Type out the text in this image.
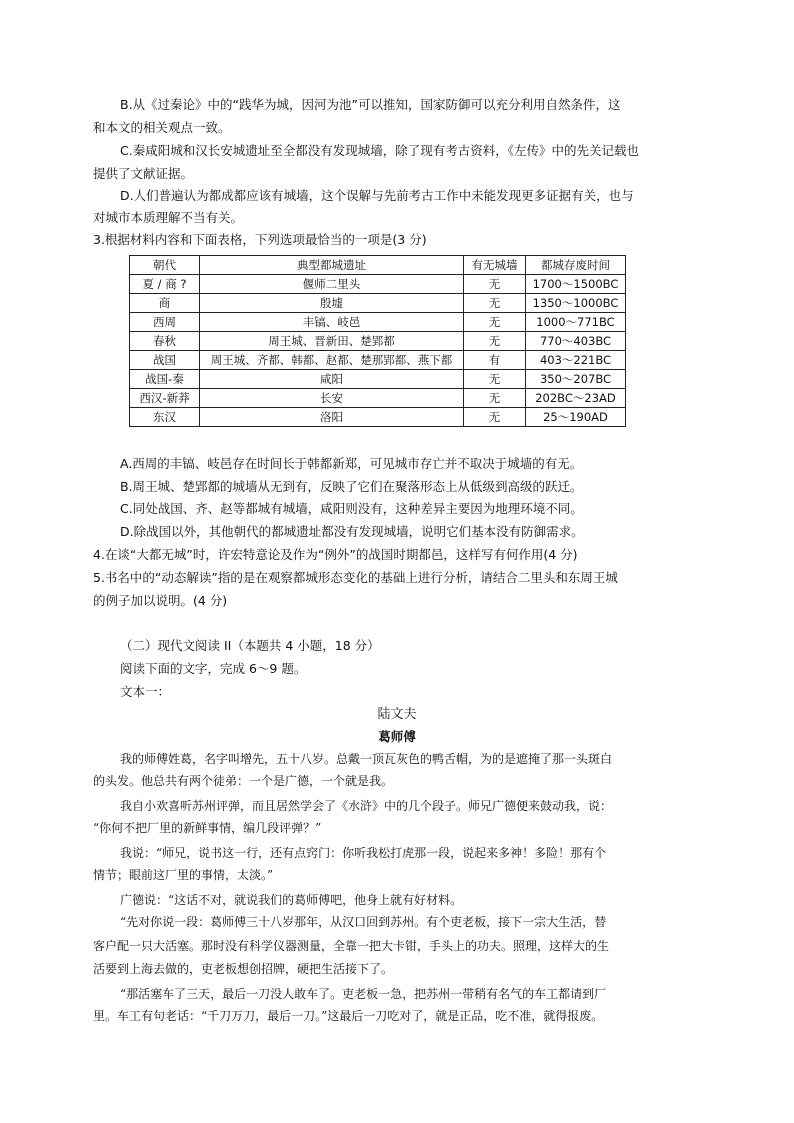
B.从《过秦论》中的“践华为城，因河为池”可以推知，国家防御可以充分利用自然条件，这
和本文的相关观点一致。
C.秦咸阳城和汉长安城遗址至全都没有发现城墙，除了现有考古资料，《左传》中的先关记载也
提供了文献证据。
D.人们普遍认为都成都应该有城墙，这个误解与先前考古工作中未能发现更多证据有关，也与
对城市本质理解不当有关。
3.根据材料内容和下面表格，下列选项最恰当的一项是(3 分)
朝代	典型都城遗址	有无城墙	都城存废时间
夏 / 商 ?	偃师二里头	无	1700～1500BC
商	殷墟	无	1350～1000BC
西周	丰镐、岐邑	无	1000～771BC
春秋	周王城、晋新田、楚郢都	无	770～403BC
战国	周王城、齐都、韩都、赵都、楚那郢都、燕下都	有	403～221BC
战国-秦	咸阳	无	350～207BC
西汉-新莽	长安	无	202BC～23AD
东汉	洛阳	无	25～190AD
A.西周的丰镐、岐邑存在时间长于韩都新郑，可见城市存亡并不取决于城墙的有无。
B.周王城、楚郢都的城墙从无到有，反映了它们在聚落形态上从低级到高级的跃迁。
C.同处战国、齐、赵等都城有城墙，咸阳则没有，这种差异主要因为地理环境不同。
D.除战国以外，其他朝代的都城遗址都没有发现城墙，说明它们基本没有防御需求。
4.在谈“大都无城”时，许宏特意论及作为“例外”的战国时期都邑，这样写有何作用(4 分)
5.书名中的“动态解读”指的是在观察都城形态变化的基础上进行分析，请结合二里头和东周王城
的例子加以说明。(4 分)
（二）现代文阅读 II（本题共 4 小题，18 分）
阅读下面的文字，完成 6～9 题。
文本一：
陆文夫
葛师傅
我的师傅姓葛，名字叫增先，五十八岁。总戴一顶瓦灰色的鸭舌帽，为的是遮掩了那一头斑白
的头发。他总共有两个徒弟：一个是广德，一个就是我。
我自小欢喜听苏州评弹，而且居然学会了《水浒》中的几个段子。师兄广德便来鼓动我，说：
“你何不把厂里的新鲜事情，编几段评弹？”
我说：“师兄，说书这一行，还有点窍门：你听我松打虎那一段，说起来多神！多险！那有个
情节；眼前这厂里的事情，太淡。”
广德说：“这话不对，就说我们的葛师傅吧，他身上就有好材料。
“先对你说一段：葛师傅三十八岁那年，从汉口回到苏州。有个吏老板，接下一宗大生活，替
客户配一只大活塞。那时没有科学仪器测量，全靠一把大卡钳，手头上的功夫。照理，这样大的生
活要到上海去做的，吏老板想创招牌，硬把生活接下了。
“那活塞车了三天，最后一刀没人敢车了。吏老板一急，把苏州一带稍有名气的车工都请到厂
里。车工有句老话：“千刀万刀，最后一刀。”这最后一刀吃对了，就是正品，吃不准，就得报废。
